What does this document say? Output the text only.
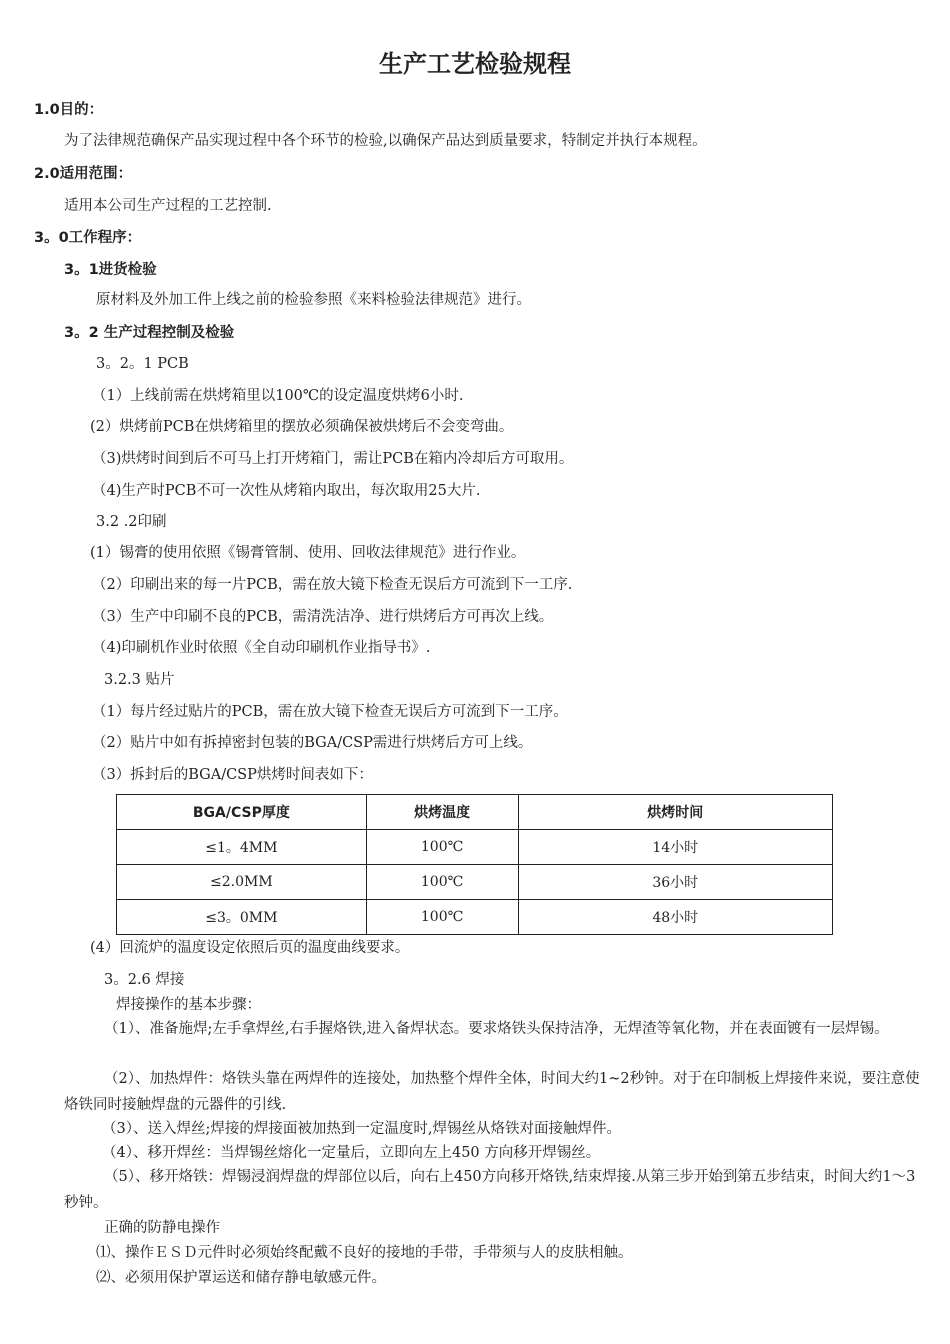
生产工艺检验规程
1.0目的：
为了法律规范确保产品实现过程中各个环节的检验,以确保产品达到质量要求，特制定并执行本规程。
2.0适用范围：
适用本公司生产过程的工艺控制.
3。0工作程序：
3。1进货检验
原材料及外加工件上线之前的检验参照《来料检验法律规范》进行。
3。2 生产过程控制及检验
3。2。1 PCB
（1）上线前需在烘烤箱里以100℃的设定温度烘烤6小时.
(2）烘烤前PCB在烘烤箱里的摆放必须确保被烘烤后不会变弯曲。
（3)烘烤时间到后不可马上打开烤箱门，需让PCB在箱内冷却后方可取用。
（4)生产时PCB不可一次性从烤箱内取出，每次取用25大片.
3.2 .2印刷
(1）锡膏的使用依照《锡膏管制、使用、回收法律规范》进行作业。
（2）印刷出来的每一片PCB，需在放大镜下检查无误后方可流到下一工序.
（3）生产中印刷不良的PCB，需清洗洁净、进行烘烤后方可再次上线。
（4)印刷机作业时依照《全自动印刷机作业指导书》.
3.2.3 贴片
（1）每片经过贴片的PCB，需在放大镜下检查无误后方可流到下一工序。
（2）贴片中如有拆掉密封包装的BGA/CSP需进行烘烤后方可上线。
（3）拆封后的BGA/CSP烘烤时间表如下：
BGA/CSP厚度	烘烤温度	烘烤时间
≤1。4MM	100℃	14小时
≤2.0MM	100℃	36小时
≤3。0MM	100℃	48小时
(4）回流炉的温度设定依照后页的温度曲线要求。
3。2.6 焊接
焊接操作的基本步骤：
（1）、准备施焊;左手拿焊丝,右手握烙铁,进入备焊状态。要求烙铁头保持洁净，无焊渣等氧化物，并在表面镀有一层焊锡。
（2）、加热焊件：烙铁头靠在两焊件的连接处，加热整个焊件全体，时间大约1~2秒钟。对于在印制板上焊接件来说，要注意使烙铁同时接触焊盘的元器件的引线.
（3）、送入焊丝;焊接的焊接面被加热到一定温度时,焊锡丝从烙铁对面接触焊件。
（4）、移开焊丝：当焊锡丝熔化一定量后，立即向左上450 方向移开焊锡丝。
（5）、移开烙铁：焊锡浸润焊盘的焊部位以后，向右上450方向移开烙铁,结束焊接.从第三步开始到第五步结束，时间大约1～3秒钟。
正确的防静电操作
⑴、操作ＥＳＤ元件时必须始终配戴不良好的接地的手带，手带须与人的皮肤相触。
⑵、必须用保护罩运送和储存静电敏感元件。
